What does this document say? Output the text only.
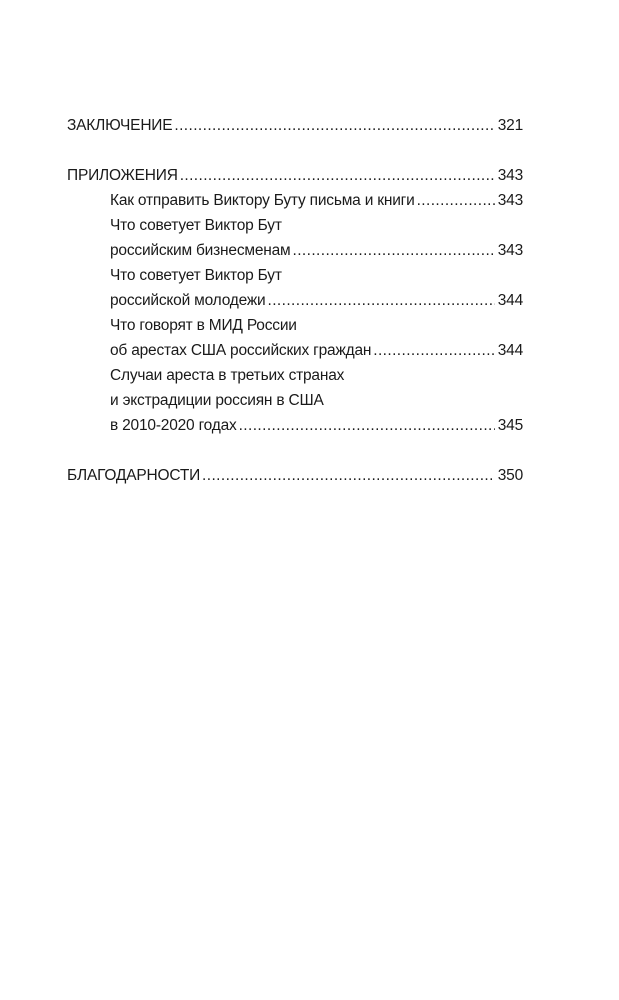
ЗАКЛЮЧЕНИЕ .....	321
ПРИЛОЖЕНИЯ .....	343
Как отправить Виктору Буту письма и книги .....	343
Что советует Виктор Бут
российским бизнесменам .....	343
Что советует Виктор Бут
российской молодежи .....	344
Что говорят в МИД России
об арестах США российских граждан .....	344
Случаи ареста в третьих странах
и экстрадиции россиян в США
в 2010-2020 годах .....	345
БЛАГОДАРНОСТИ .....	350
